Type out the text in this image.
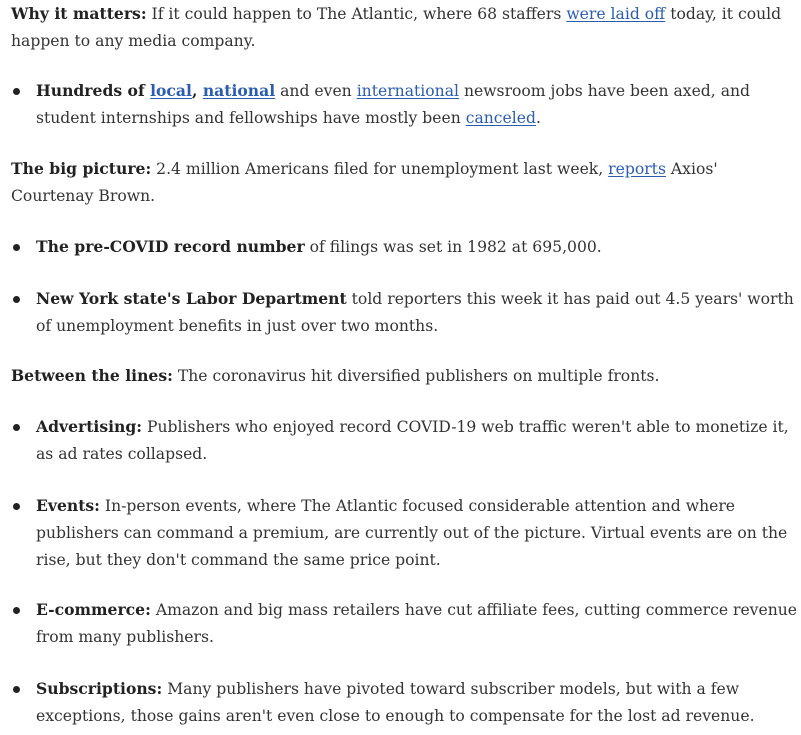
Why it matters: If it could happen to The Atlantic, where 68 staffers were laid off today, it could happen to any media company.

Hundreds of local, national and even international newsroom jobs have been axed, and student internships and fellowships have mostly been canceled.

The big picture: 2.4 million Americans filed for unemployment last week, reports Axios' Courtenay Brown.

The pre-COVID record number of filings was set in 1982 at 695,000.

New York state's Labor Department told reporters this week it has paid out 4.5 years' worth of unemployment benefits in just over two months.

Between the lines: The coronavirus hit diversified publishers on multiple fronts.

Advertising: Publishers who enjoyed record COVID-19 web traffic weren't able to monetize it, as ad rates collapsed.

Events: In-person events, where The Atlantic focused considerable attention and where publishers can command a premium, are currently out of the picture. Virtual events are on the rise, but they don't command the same price point.

E-commerce: Amazon and big mass retailers have cut affiliate fees, cutting commerce revenue from many publishers.

Subscriptions: Many publishers have pivoted toward subscriber models, but with a few exceptions, those gains aren't even close to enough to compensate for the lost ad revenue.
